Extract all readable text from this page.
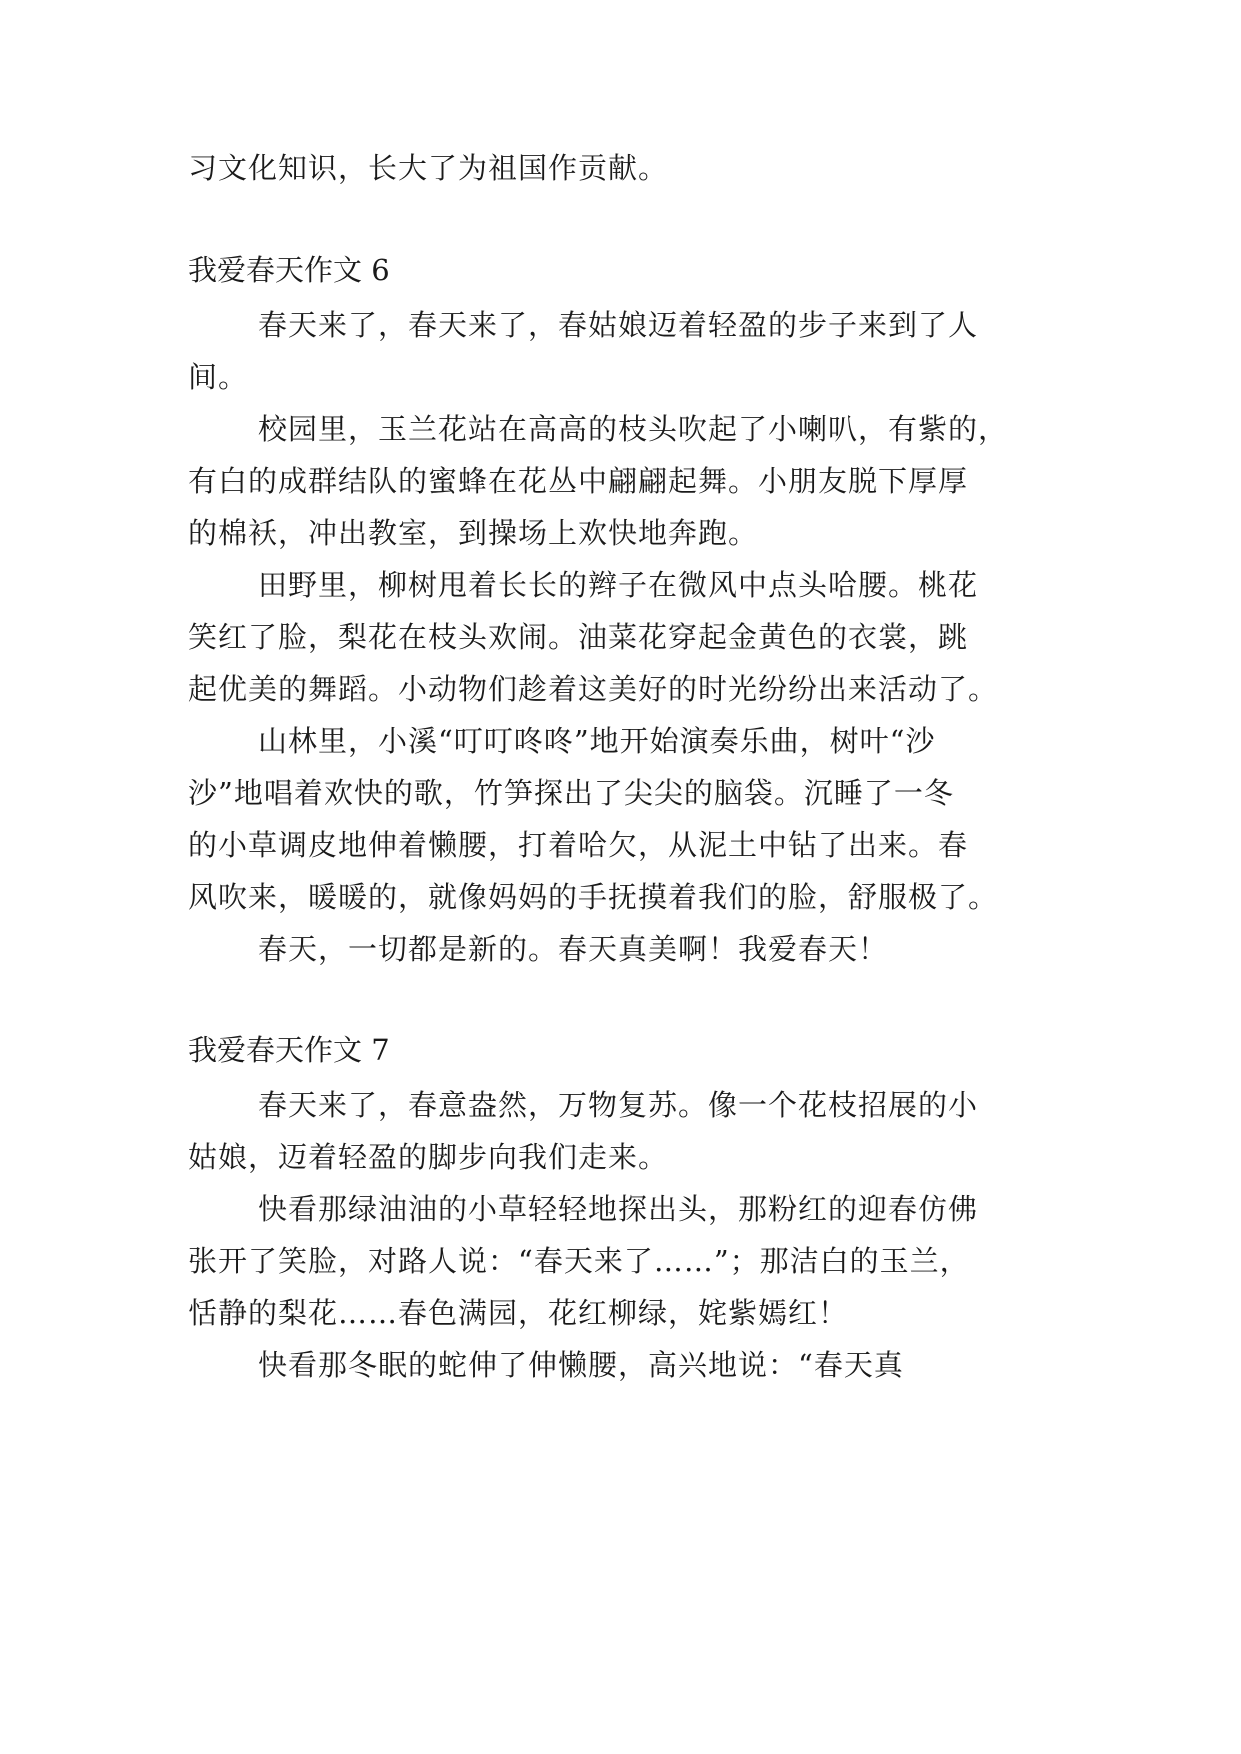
习文化知识，长大了为祖国作贡献。
我爱春天作文 6
春天来了，春天来了，春姑娘迈着轻盈的步子来到了人
间。
校园里，玉兰花站在高高的枝头吹起了小喇叭，有紫的，
有白的成群结队的蜜蜂在花丛中翩翩起舞。小朋友脱下厚厚
的棉袄，冲出教室，到操场上欢快地奔跑。
田野里，柳树甩着长长的辫子在微风中点头哈腰。桃花
笑红了脸，梨花在枝头欢闹。油菜花穿起金黄色的衣裳，跳
起优美的舞蹈。小动物们趁着这美好的时光纷纷出来活动了。
山林里，小溪“叮叮咚咚”地开始演奏乐曲，树叶“沙
沙”地唱着欢快的歌，竹笋探出了尖尖的脑袋。沉睡了一冬
的小草调皮地伸着懒腰，打着哈欠，从泥土中钻了出来。春
风吹来，暖暖的，就像妈妈的手抚摸着我们的脸，舒服极了。
春天，一切都是新的。春天真美啊！我爱春天！
我爱春天作文 7
春天来了，春意盎然，万物复苏。像一个花枝招展的小
姑娘，迈着轻盈的脚步向我们走来。
快看那绿油油的小草轻轻地探出头，那粉红的迎春仿佛
张开了笑脸，对路人说：“春天来了……”；那洁白的玉兰，
恬静的梨花……春色满园，花红柳绿，姹紫嫣红！
快看那冬眠的蛇伸了伸懒腰，高兴地说：“春天真
